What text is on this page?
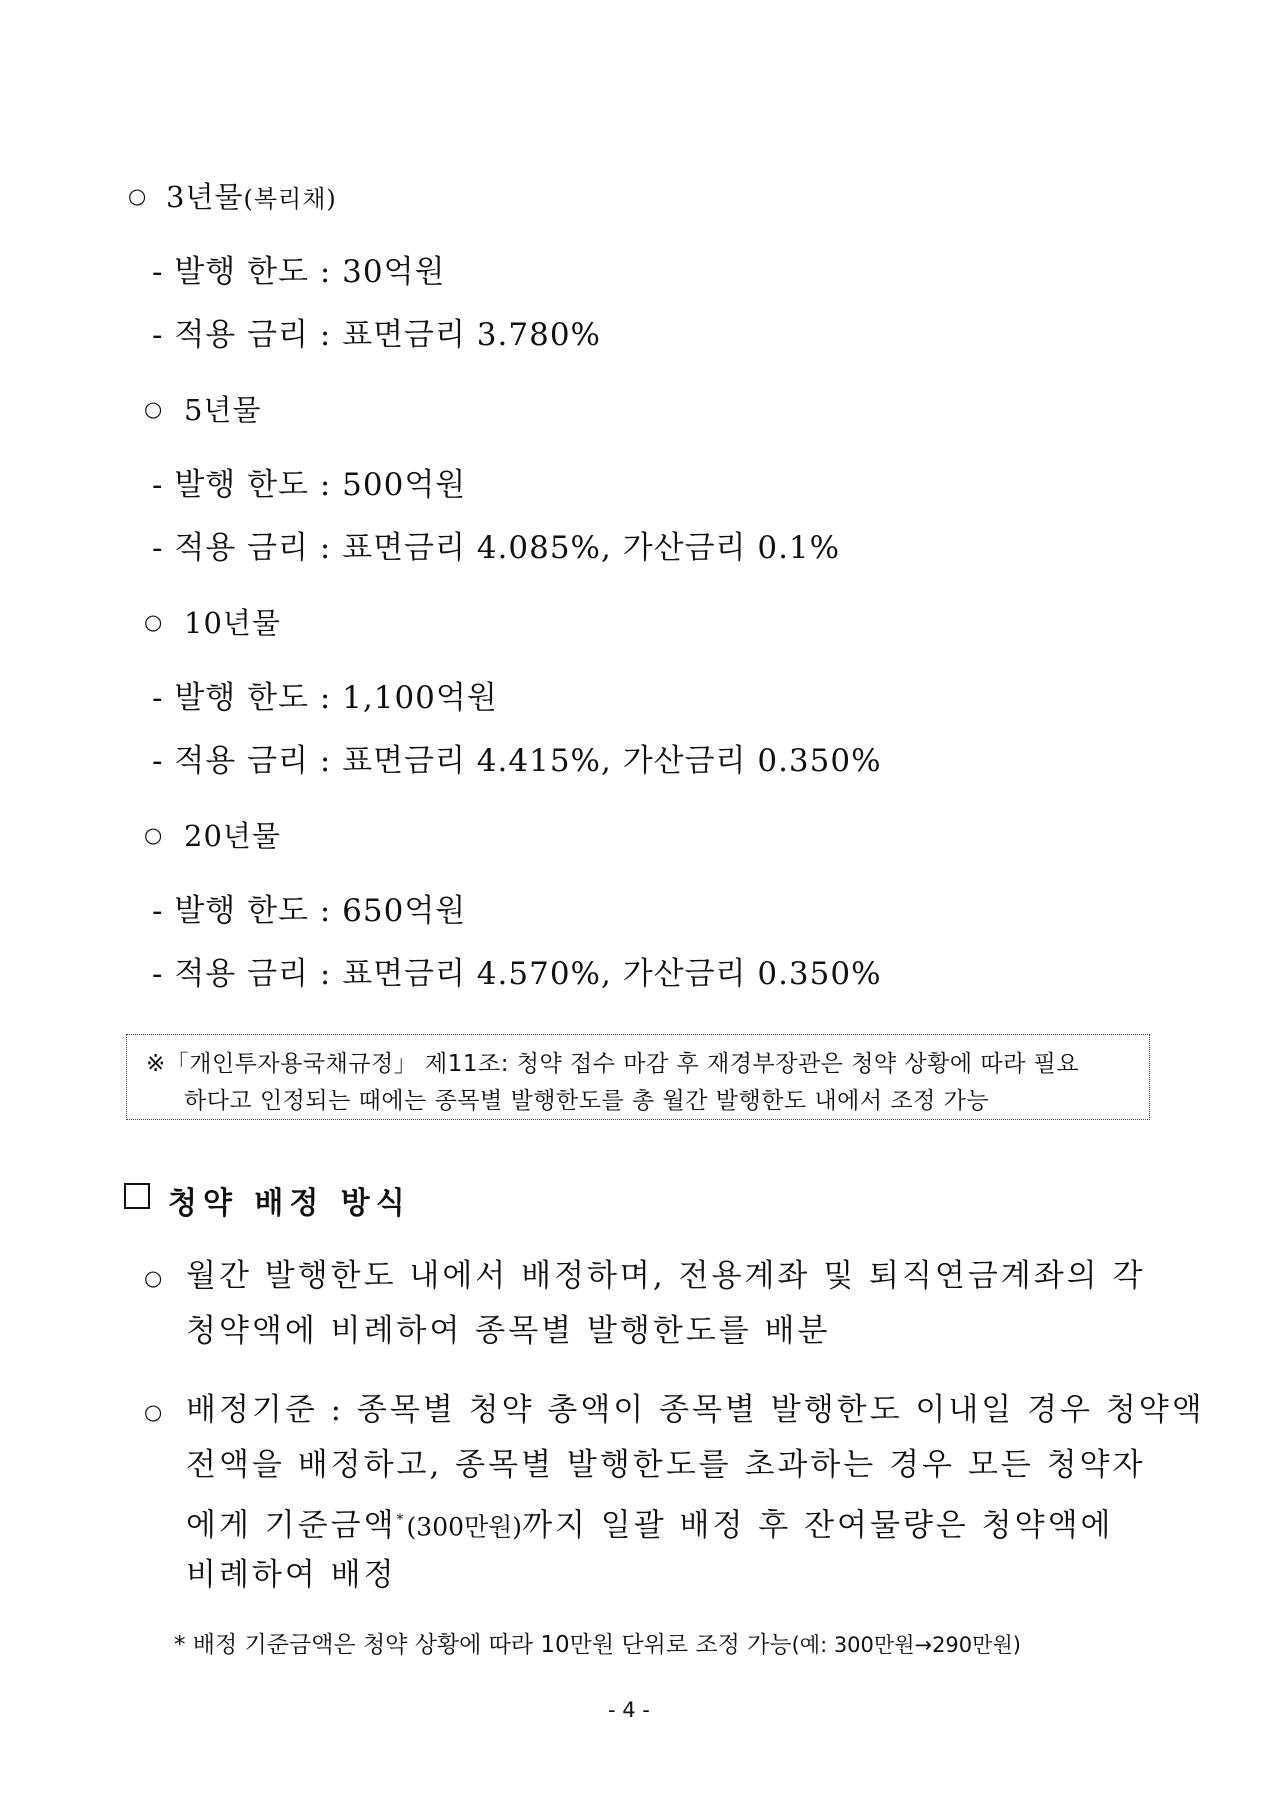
○ 3년물(복리채)
- 발행 한도 : 30억원
- 적용 금리 : 표면금리 3.780%
○ 5년물
- 발행 한도 : 500억원
- 적용 금리 : 표면금리 4.085%, 가산금리 0.1%
○ 10년물
- 발행 한도 : 1,100억원
- 적용 금리 : 표면금리 4.415%, 가산금리 0.350%
○ 20년물
- 발행 한도 : 650억원
- 적용 금리 : 표면금리 4.570%, 가산금리 0.350%
※「개인투자용국채규정」 제11조: 청약 접수 마감 후 재경부장관은 청약 상황에 따라 필요
하다고 인정되는 때에는 종목별 발행한도를 총 월간 발행한도 내에서 조정 가능
청약 배정 방식
○ 월간 발행한도 내에서 배정하며, 전용계좌 및 퇴직연금계좌의 각
청약액에 비례하여 종목별 발행한도를 배분
○ 배정기준 : 종목별 청약 총액이 종목별 발행한도 이내일 경우 청약액
전액을 배정하고, 종목별 발행한도를 초과하는 경우 모든 청약자
에게 기준금액*(300만원)까지 일괄 배정 후 잔여물량은 청약액에
비례하여 배정
* 배정 기준금액은 청약 상황에 따라 10만원 단위로 조정 가능(예: 300만원→290만원)
- 4 -
